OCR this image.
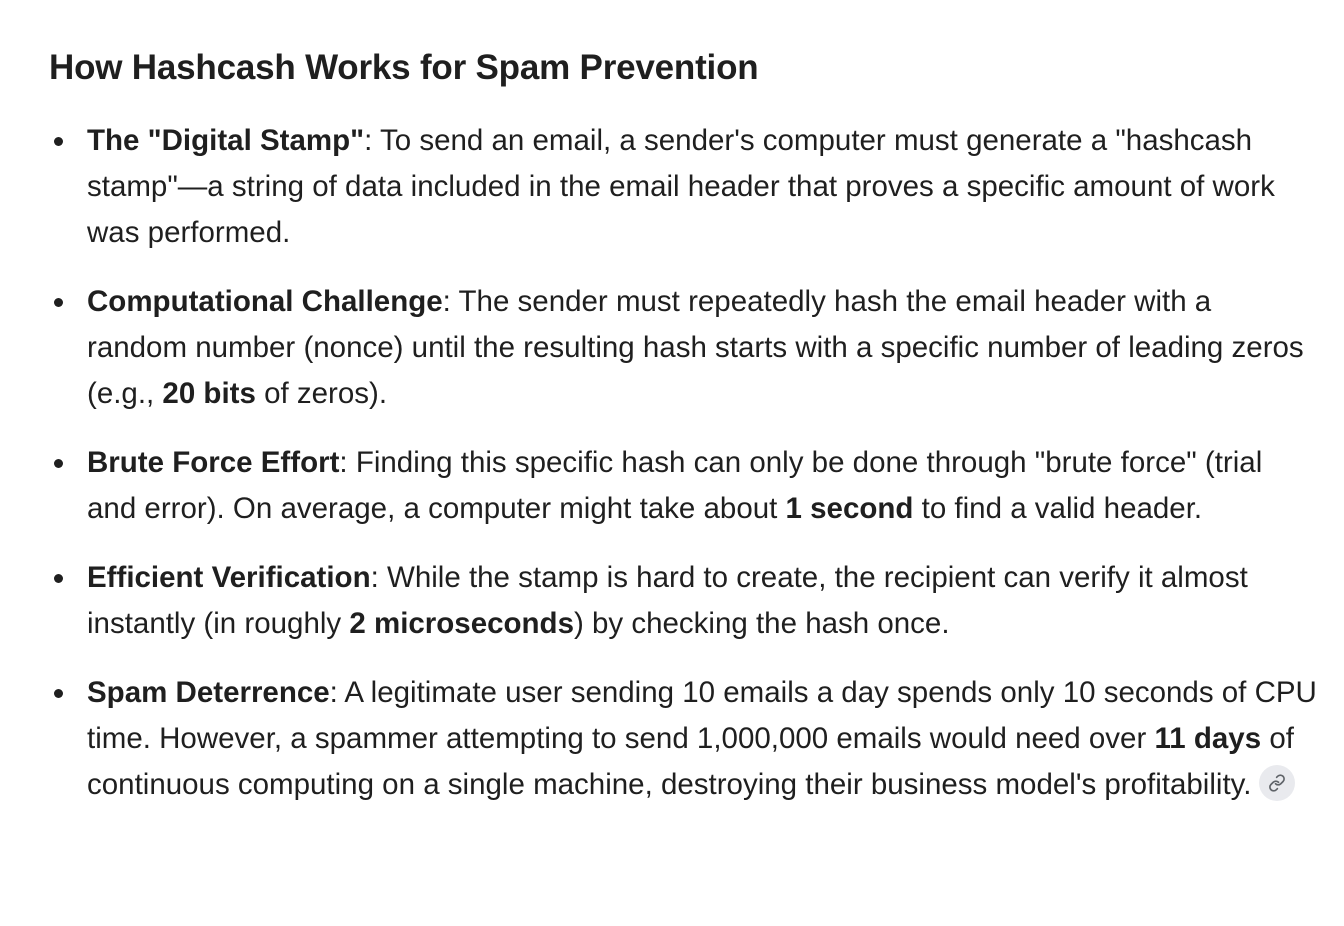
How Hashcash Works for Spam Prevention
The "Digital Stamp": To send an email, a sender's computer must generate a "hashcash stamp"—a string of data included in the email header that proves a specific amount of work was performed.
Computational Challenge: The sender must repeatedly hash the email header with a random number (nonce) until the resulting hash starts with a specific number of leading zeros (e.g., 20 bits of zeros).
Brute Force Effort: Finding this specific hash can only be done through "brute force" (trial and error). On average, a computer might take about 1 second to find a valid header.
Efficient Verification: While the stamp is hard to create, the recipient can verify it almost instantly (in roughly 2 microseconds) by checking the hash once.
Spam Deterrence: A legitimate user sending 10 emails a day spends only 10 seconds of CPU time. However, a spammer attempting to send 1,000,000 emails would need over 11 days of continuous computing on a single machine, destroying their business model's profitability.
